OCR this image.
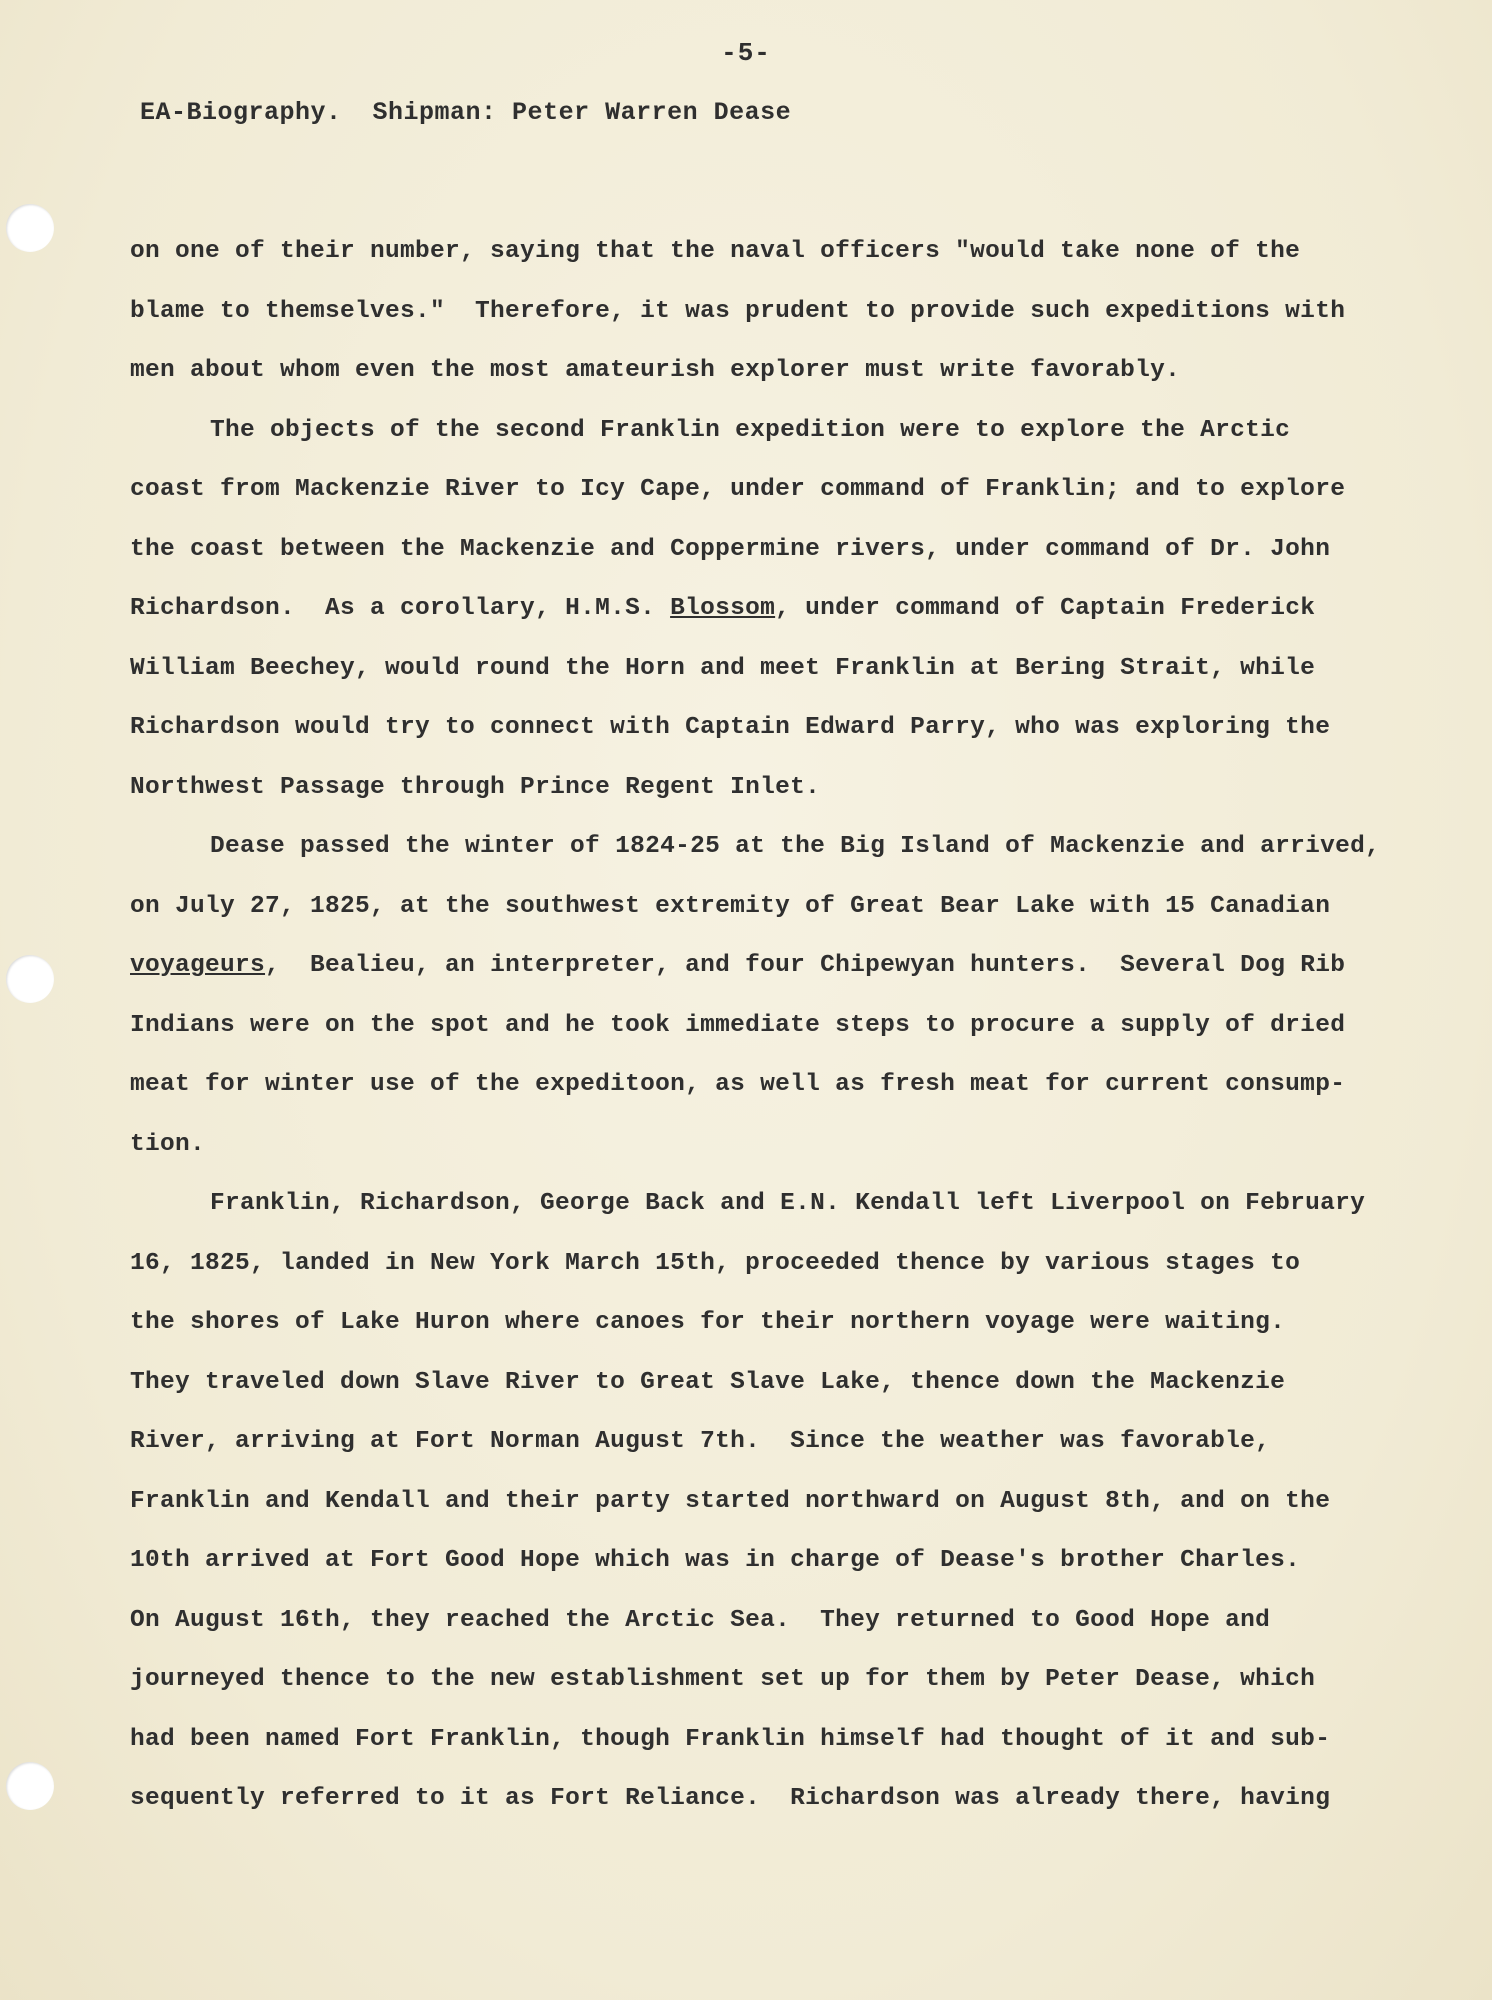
-5-
EA-Biography.  Shipman: Peter Warren Dease
on one of their number, saying that the naval officers "would take none of the
blame to themselves."  Therefore, it was prudent to provide such expeditions with
men about whom even the most amateurish explorer must write favorably.
The objects of the second Franklin expedition were to explore the Arctic
coast from Mackenzie River to Icy Cape, under command of Franklin; and to explore
the coast between the Mackenzie and Coppermine rivers, under command of Dr. John
Richardson.  As a corollary, H.M.S. Blossom, under command of Captain Frederick
William Beechey, would round the Horn and meet Franklin at Bering Strait, while
Richardson would try to connect with Captain Edward Parry, who was exploring the
Northwest Passage through Prince Regent Inlet.
Dease passed the winter of 1824-25 at the Big Island of Mackenzie and arrived,
on July 27, 1825, at the southwest extremity of Great Bear Lake with 15 Canadian
voyageurs,  Bealieu, an interpreter, and four Chipewyan hunters.  Several Dog Rib
Indians were on the spot and he took immediate steps to procure a supply of dried
meat for winter use of the expeditoon, as well as fresh meat for current consump-
tion.
Franklin, Richardson, George Back and E.N. Kendall left Liverpool on February
16, 1825, landed in New York March 15th, proceeded thence by various stages to
the shores of Lake Huron where canoes for their northern voyage were waiting.
They traveled down Slave River to Great Slave Lake, thence down the Mackenzie
River, arriving at Fort Norman August 7th.  Since the weather was favorable,
Franklin and Kendall and their party started northward on August 8th, and on the
10th arrived at Fort Good Hope which was in charge of Dease's brother Charles.
On August 16th, they reached the Arctic Sea.  They returned to Good Hope and
journeyed thence to the new establishment set up for them by Peter Dease, which
had been named Fort Franklin, though Franklin himself had thought of it and sub-
sequently referred to it as Fort Reliance.  Richardson was already there, having
